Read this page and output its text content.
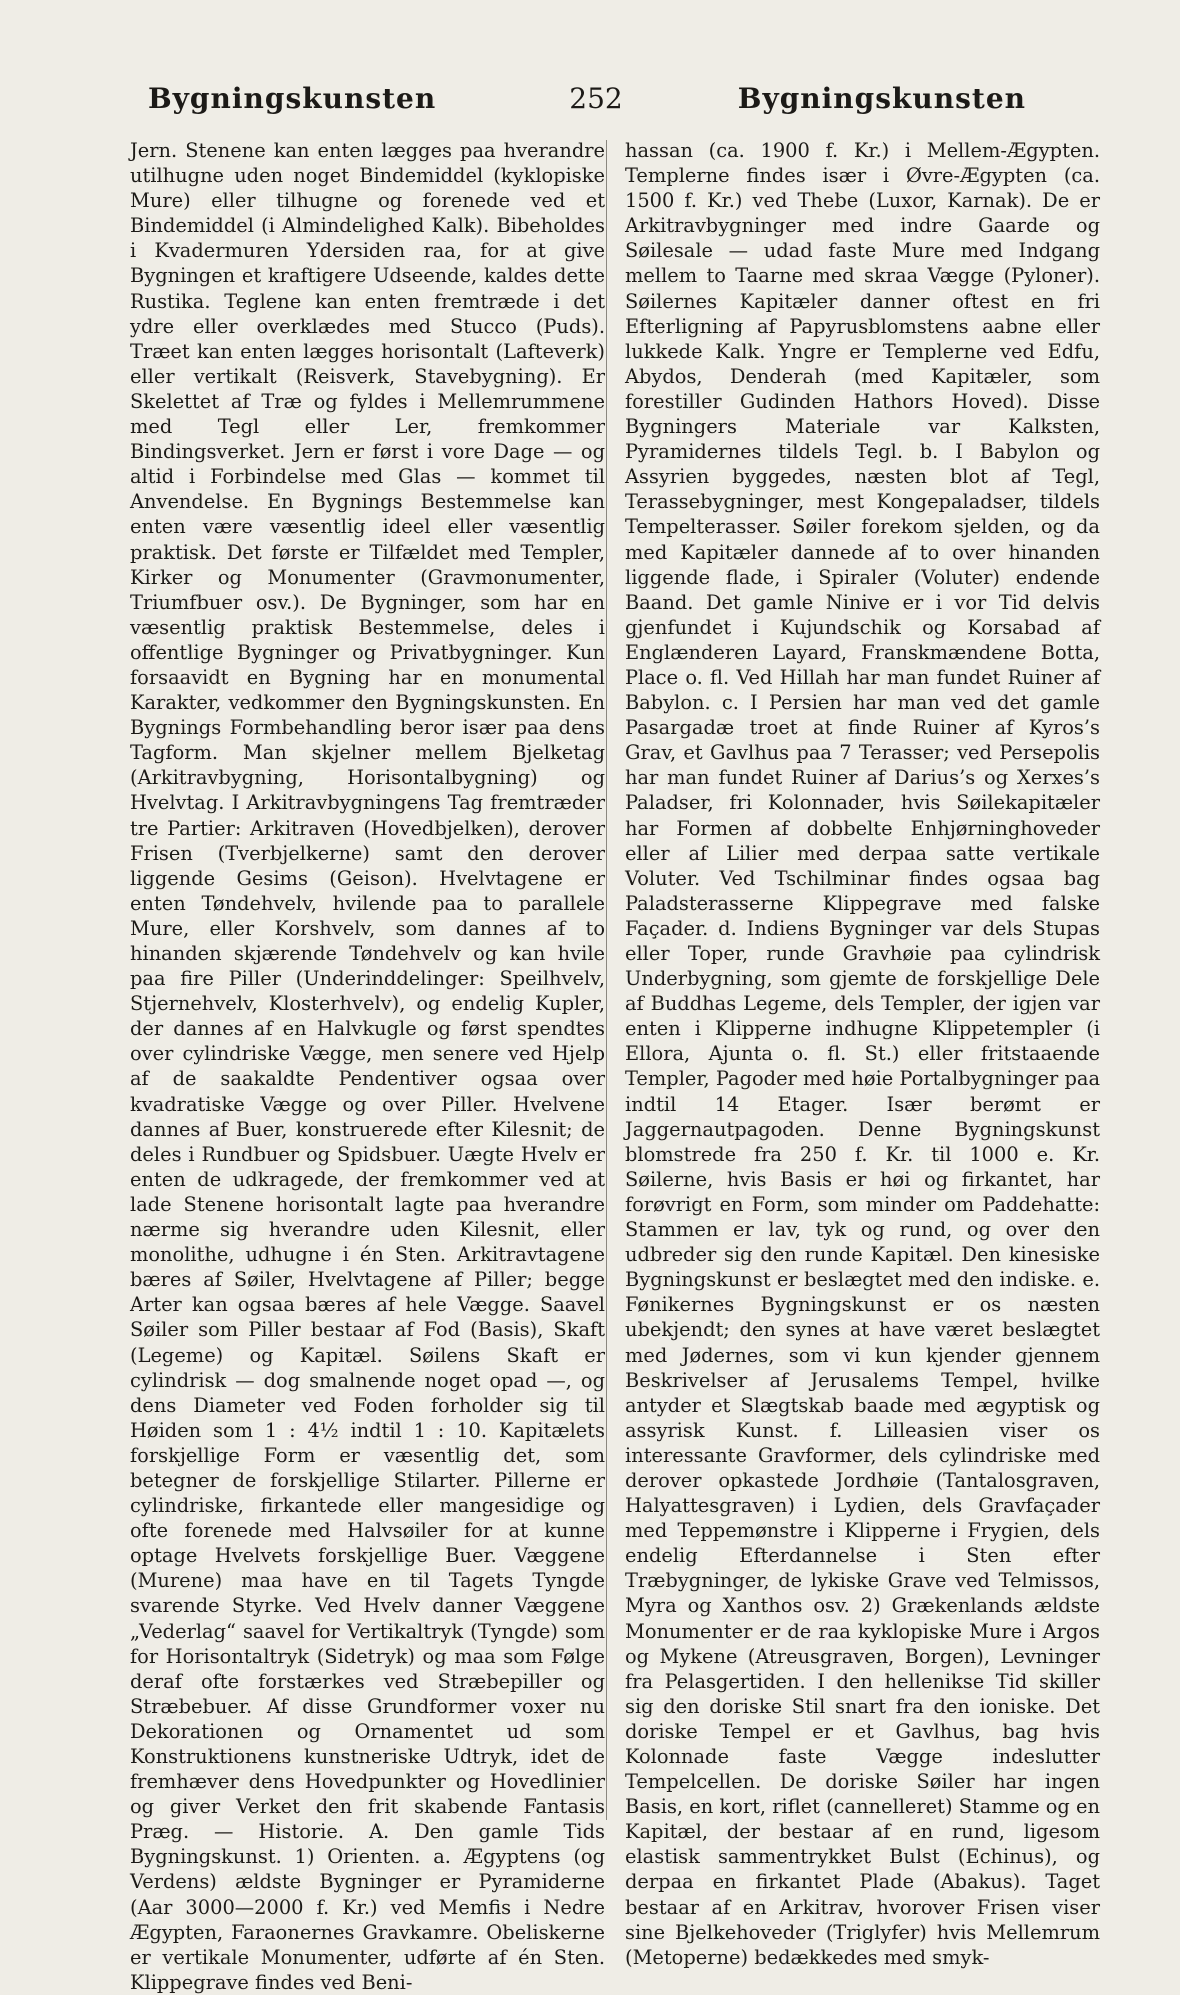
Bygningskunsten	252	Bygningskunsten

Jern. Stenene kan enten lægges paa hverandre utilhugne uden noget Bindemiddel (kyklopiske Mure) eller tilhugne og forenede ved et Bindemiddel (i Almindelighed Kalk). Bibeholdes i Kvadermuren Ydersiden raa, for at give Bygningen et kraftigere Udseende, kaldes dette Rustika. Teglene kan enten fremtræde i det ydre eller overklædes med Stucco (Puds). Træet kan enten lægges horisontalt (Lafteverk) eller vertikalt (Reisverk, Stavebygning). Er Skelettet af Træ og fyldes i Mellemrummene med Tegl eller Ler, fremkommer Bindingsverket. Jern er først i vore Dage — og altid i Forbindelse med Glas — kommet til Anvendelse. En Bygnings Bestemmelse kan enten være væsentlig ideel eller væsentlig praktisk. Det første er Tilfældet med Templer, Kirker og Monumenter (Gravmonumenter, Triumfbuer osv.). De Bygninger, som har en væsentlig praktisk Bestemmelse, deles i offentlige Bygninger og Privatbygninger. Kun forsaavidt en Bygning har en monumental Karakter, vedkommer den Bygningskunsten. En Bygnings Formbehandling beror især paa dens Tagform. Man skjelner mellem Bjelketag (Arkitravbygning, Horisontalbygning) og Hvelvtag. I Arkitravbygningens Tag fremtræder tre Partier: Arkitraven (Hovedbjelken), derover Frisen (Tverbjelkerne) samt den derover liggende Gesims (Geison). Hvelvtagene er enten Tøndehvelv, hvilende paa to parallele Mure, eller Korshvelv, som dannes af to hinanden skjærende Tøndehvelv og kan hvile paa fire Piller (Underinddelinger: Speilhvelv, Stjernehvelv, Klosterhvelv), og endelig Kupler, der dannes af en Halvkugle og først spendtes over cylindriske Vægge, men senere ved Hjelp af de saakaldte Pendentiver ogsaa over kvadratiske Vægge og over Piller. Hvelvene dannes af Buer, konstruerede efter Kilesnit; de deles i Rundbuer og Spidsbuer. Uægte Hvelv er enten de udkragede, der fremkommer ved at lade Stenene horisontalt lagte paa hverandre nærme sig hverandre uden Kilesnit, eller monolithe, udhugne i én Sten. Arkitravtagene bæres af Søiler, Hvelvtagene af Piller; begge Arter kan ogsaa bæres af hele Vægge. Saavel Søiler som Piller bestaar af Fod (Basis), Skaft (Legeme) og Kapitæl. Søilens Skaft er cylindrisk — dog smalnende noget opad —, og dens Diameter ved Foden forholder sig til Høiden som 1 : 4½ indtil 1 : 10. Kapitælets forskjellige Form er væsentlig det, som betegner de forskjellige Stilarter. Pillerne er cylindriske, firkantede eller mangesidige og ofte forenede med Halvsøiler for at kunne optage Hvelvets forskjellige Buer. Væggene (Murene) maa have en til Tagets Tyngde svarende Styrke. Ved Hvelv danner Væggene „Vederlag“ saavel for Vertikaltryk (Tyngde) som for Horisontaltryk (Sidetryk) og maa som Følge deraf ofte forstærkes ved Stræbepiller og Stræbebuer. Af disse Grundformer voxer nu Dekorationen og Ornamentet ud som Konstruktionens kunstneriske Udtryk, idet de fremhæver dens Hovedpunkter og Hovedlinier og giver Verket den frit skabende Fantasis Præg. — Historie. A. Den gamle Tids Bygningskunst. 1) Orienten. a. Ægyptens (og Verdens) ældste Bygninger er Pyramiderne (Aar 3000—2000 f. Kr.) ved Memfis i Nedre Ægypten, Faraonernes Gravkamre. Obeliskerne er vertikale Monumenter, udførte af én Sten. Klippegrave findes ved Beni-

hassan (ca. 1900 f. Kr.) i Mellem-Ægypten. Templerne findes især i Øvre-Ægypten (ca. 1500 f. Kr.) ved Thebe (Luxor, Karnak). De er Arkitravbygninger med indre Gaarde og Søilesale — udad faste Mure med Indgang mellem to Taarne med skraa Vægge (Pyloner). Søilernes Kapitæler danner oftest en fri Efterligning af Papyrusblomstens aabne eller lukkede Kalk. Yngre er Templerne ved Edfu, Abydos, Denderah (med Kapitæler, som forestiller Gudinden Hathors Hoved). Disse Bygningers Materiale var Kalksten, Pyramidernes tildels Tegl. b. I Babylon og Assyrien byggedes, næsten blot af Tegl, Terassebygninger, mest Kongepaladser, tildels Tempelterasser. Søiler forekom sjelden, og da med Kapitæler dannede af to over hinanden liggende flade, i Spiraler (Voluter) endende Baand. Det gamle Ninive er i vor Tid delvis gjenfundet i Kujundschik og Korsabad af Englænderen Layard, Franskmændene Botta, Place o. fl. Ved Hillah har man fundet Ruiner af Babylon. c. I Persien har man ved det gamle Pasargadæ troet at finde Ruiner af Kyros’s Grav, et Gavlhus paa 7 Terasser; ved Persepolis har man fundet Ruiner af Darius’s og Xerxes’s Paladser, fri Kolonnader, hvis Søilekapitæler har Formen af dobbelte Enhjørninghoveder eller af Lilier med derpaa satte vertikale Voluter. Ved Tschilminar findes ogsaa bag Paladsterasserne Klippegrave med falske Façader. d. Indiens Bygninger var dels Stupas eller Toper, runde Gravhøie paa cylindrisk Underbygning, som gjemte de forskjellige Dele af Buddhas Legeme, dels Templer, der igjen var enten i Klipperne indhugne Klippetempler (i Ellora, Ajunta o. fl. St.) eller fritstaaende Templer, Pagoder med høie Portalbygninger paa indtil 14 Etager. Især berømt er Jaggernautpagoden. Denne Bygningskunst blomstrede fra 250 f. Kr. til 1000 e. Kr. Søilerne, hvis Basis er høi og firkantet, har forøvrigt en Form, som minder om Paddehatte: Stammen er lav, tyk og rund, og over den udbreder sig den runde Kapitæl. Den kinesiske Bygningskunst er beslægtet med den indiske. e. Fønikernes Bygningskunst er os næsten ubekjendt; den synes at have været beslægtet med Jødernes, som vi kun kjender gjennem Beskrivelser af Jerusalems Tempel, hvilke antyder et Slægtskab baade med ægyptisk og assyrisk Kunst. f. Lilleasien viser os interessante Gravformer, dels cylindriske med derover opkastede Jordhøie (Tantalosgraven, Halyattesgraven) i Lydien, dels Gravfaçader med Teppemønstre i Klipperne i Frygien, dels endelig Efterdannelse i Sten efter Træbygninger, de lykiske Grave ved Telmissos, Myra og Xanthos osv. 2) Grækenlands ældste Monumenter er de raa kyklopiske Mure i Argos og Mykene (Atreusgraven, Borgen), Levninger fra Pelasgertiden. I den hellenikse Tid skiller sig den doriske Stil snart fra den ioniske. Det doriske Tempel er et Gavlhus, bag hvis Kolonnade faste Vægge indeslutter Tempelcellen. De doriske Søiler har ingen Basis, en kort, riflet (cannelleret) Stamme og en Kapitæl, der bestaar af en rund, ligesom elastisk sammentrykket Bulst (Echinus), og derpaa en firkantet Plade (Abakus). Taget bestaar af en Arkitrav, hvorover Frisen viser sine Bjelkehoveder (Triglyfer) hvis Mellemrum (Metoperne) bedækkedes med smyk-
